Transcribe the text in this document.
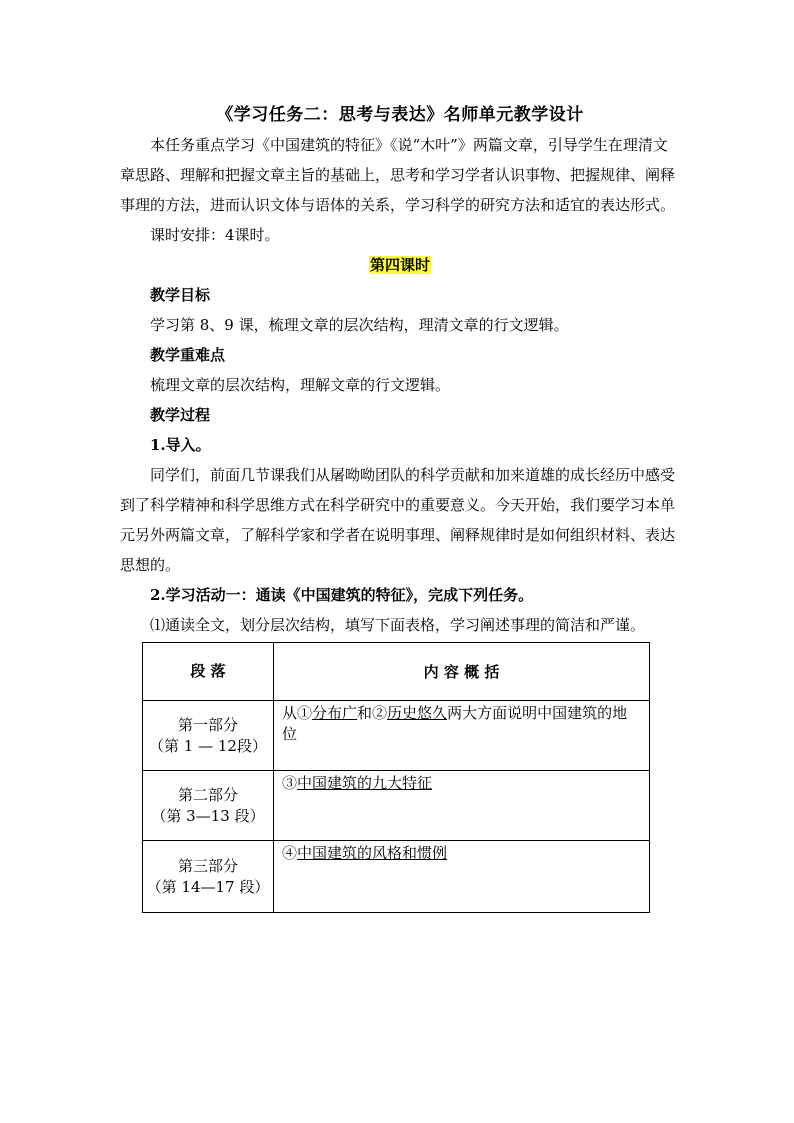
《学习任务二：思考与表达》名师单元教学设计

本任务重点学习《中国建筑的特征》《说“木叶”》两篇文章，引导学生在理清文章思路、理解和把握文章主旨的基础上，思考和学习学者认识事物、把握规律、阐释事理的方法，进而认识文体与语体的关系，学习科学的研究方法和适宜的表达形式。

课时安排：4课时。

第四课时

教学目标

学习第 8、9 课，梳理文章的层次结构，理清文章的行文逻辑。

教学重难点

梳理文章的层次结构，理解文章的行文逻辑。

教学过程

1.导入。

同学们，前面几节课我们从屠呦呦团队的科学贡献和加来道雄的成长经历中感受到了科学精神和科学思维方式在科学研究中的重要意义。今天开始，我们要学习本单元另外两篇文章，了解科学家和学者在说明事理、阐释规律时是如何组织材料、表达思想的。

2.学习活动一：通读《中国建筑的特征》，完成下列任务。

⑴通读全文，划分层次结构，填写下面表格，学习阐述事理的简洁和严谨。

段 落	内 容 概 括
第一部分
（第 1 — 12段）	从①分布广和②历史悠久两大方面说明中国建筑的地位
第二部分
（第 3—13 段）	③中国建筑的九大特征
第三部分
（第 14—17 段）	④中国建筑的风格和惯例
